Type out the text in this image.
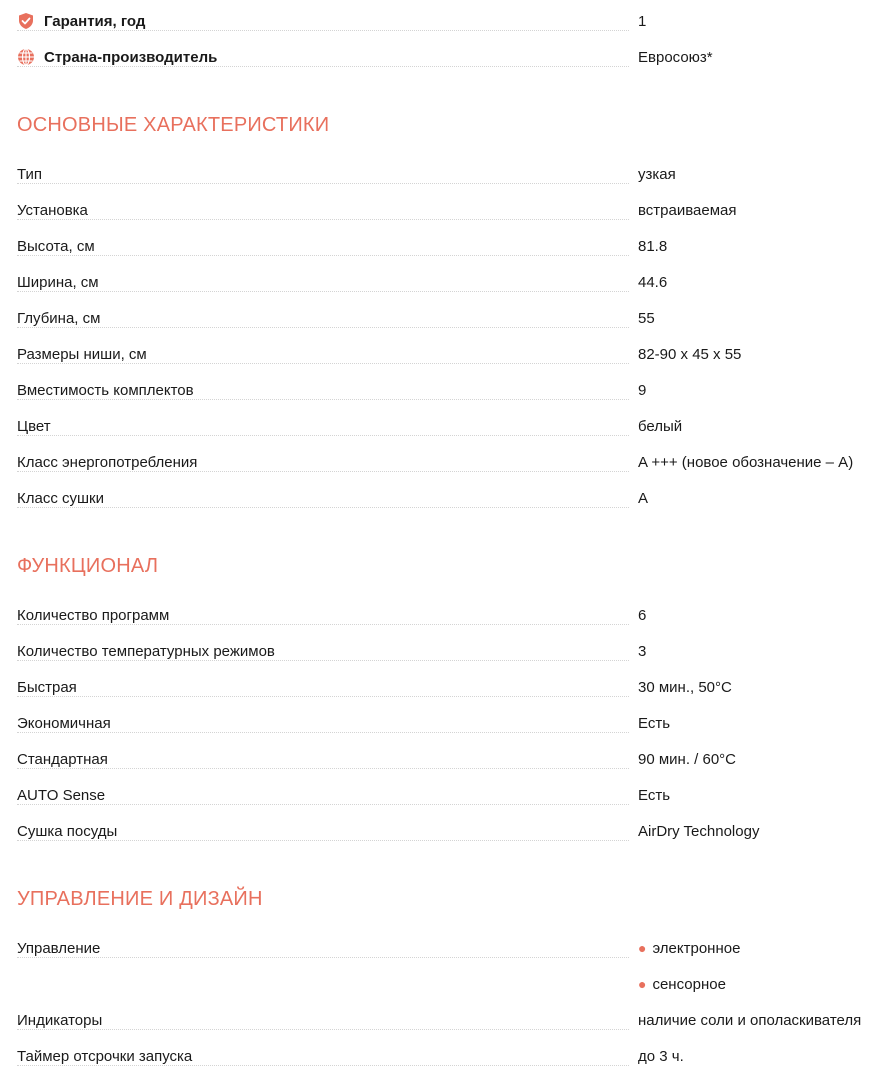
Гарантия, год	1
Страна-производитель	Евросоюз*
ОСНОВНЫЕ ХАРАКТЕРИСТИКИ
Тип	узкая
Установка	встраиваемая
Высота, см	81.8
Ширина, см	44.6
Глубина, см	55
Размеры ниши, см	82-90 x 45 x 55
Вместимость комплектов	9
Цвет	белый
Класс энергопотребления	A +++ (новое обозначение – A)
Класс сушки	A
ФУНКЦИОНАЛ
Количество программ	6
Количество температурных режимов	3
Быстрая	30 мин., 50°C
Экономичная	Есть
Стандартная	90 мин. / 60°C
AUTO Sense	Есть
Сушка посуды	AirDry Technology
УПРАВЛЕНИЕ И ДИЗАЙН
Управление	● электронное
● сенсорное
Индикаторы	наличие соли и ополаскивателя
Таймер отсрочки запуска	до 3 ч.
